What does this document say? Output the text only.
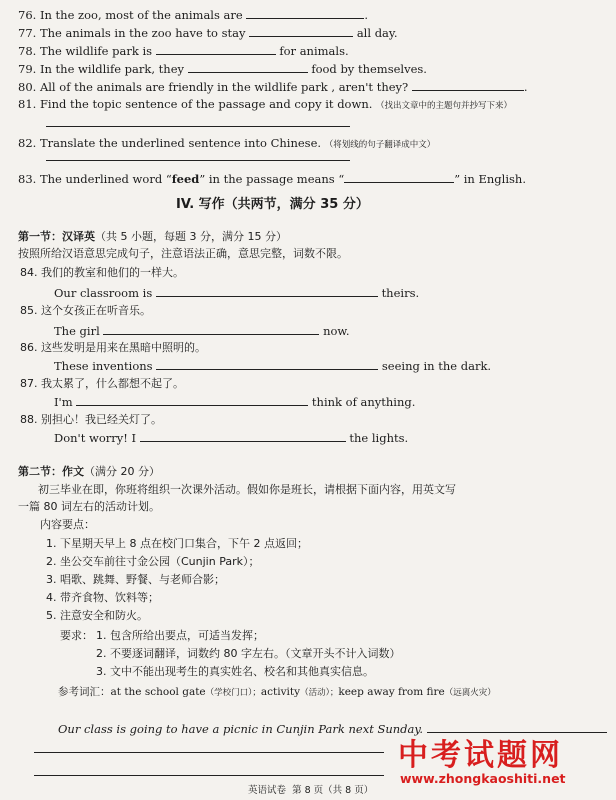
76. In the zoo, most of the animals are	.
77. The animals in the zoo have to stay	all day.
78. The wildlife park is	for animals.
79. In the wildlife park, they	food by themselves.
80. All of the animals are friendly in the wildlife park , aren't they?	.
81. Find the topic sentence of the passage and copy it down. （找出文章中的主题句并抄写下来）
82. Translate the underlined sentence into Chinese. （将划线的句子翻译成中文）
83. The underlined word “feed” in the passage means “	” in English.
IV. 写作（共两节，满分 35 分）
第一节：汉译英（共 5 小题，每题 3 分，满分 15 分）
按照所给汉语意思完成句子，注意语法正确，意思完整，词数不限。
84. 我们的教室和他们的一样大。
Our classroom is	theirs.
85. 这个女孩正在听音乐。
The girl	now.
86. 这些发明是用来在黑暗中照明的。
These inventions	seeing in the dark.
87. 我太累了，什么都想不起了。
I'm	think of anything.
88. 别担心！我已经关灯了。
Don't worry! I	the lights.
第二节：作文（满分 20 分）
初三毕业在即，你班将组织一次课外活动。假如你是班长，请根据下面内容，用英文写
一篇 80 词左右的活动计划。
内容要点：
1. 下星期天早上 8 点在校门口集合，下午 2 点返回；
2. 坐公交车前往寸金公园（Cunjin Park）；
3. 唱歌、跳舞、野餐、与老师合影；
4. 带齐食物、饮料等；
5. 注意安全和防火。
要求： 1. 包含所给出要点，可适当发挥；
2. 不要逐词翻译，词数约 80 字左右。（文章开头不计入词数）
3. 文中不能出现考生的真实姓名、校名和其他真实信息。
参考词汇：at the school gate（学校门口）；activity（活动）；keep away from fire（远离火灾）
Our class is going to have a picnic in Cunjin Park next Sunday.
英语试卷 第 8 页（共 8 页）
中考试题网
www.zhongkaoshiti.net
